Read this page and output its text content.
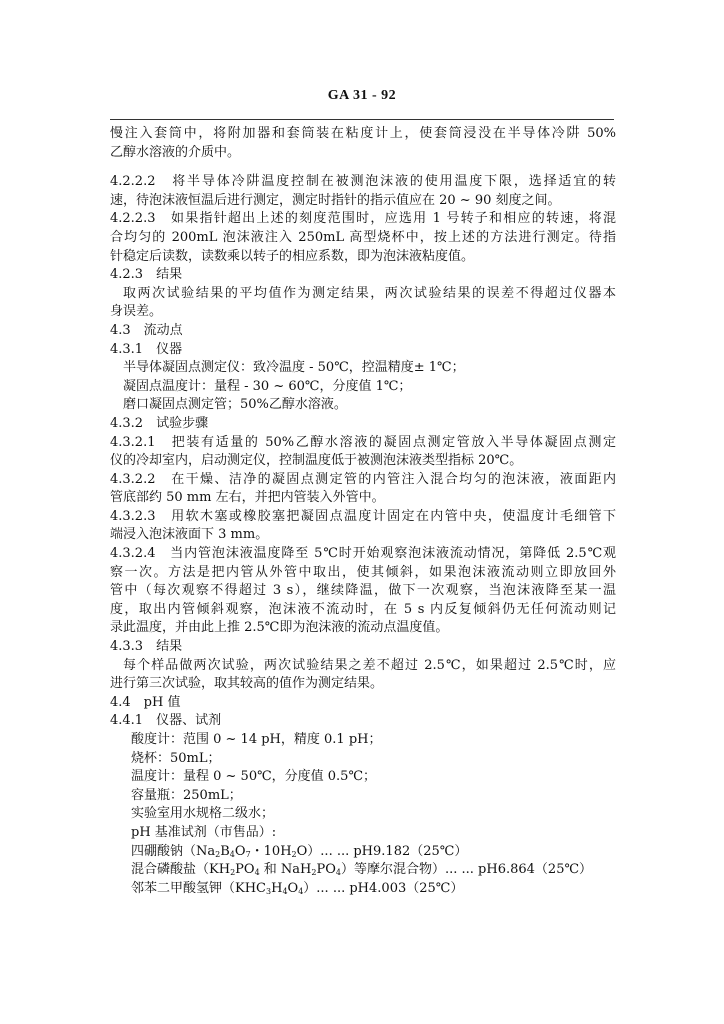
GA 31 - 92
慢注入套筒中，将附加器和套筒装在粘度计上，使套筒浸没在半导体冷阱 50%
乙醇水溶液的介质中。
4.2.2.2　将半导体冷阱温度控制在被测泡沫液的使用温度下限，选择适宜的转
速，待泡沫液恒温后进行测定，测定时指针的指示值应在 20 ~ 90 刻度之间。
4.2.2.3　如果指针超出上述的刻度范围时，应选用 1 号转子和相应的转速，将混
合均匀的 200mL 泡沫液注入 250mL 高型烧杯中，按上述的方法进行测定。待指
针稳定后读数，读数乘以转子的相应系数，即为泡沫液粘度值。
4.2.3　结果
取两次试验结果的平均值作为测定结果，两次试验结果的误差不得超过仪器本
身误差。
4.3　流动点
4.3.1　仪器
半导体凝固点测定仪：致冷温度 - 50℃，控温精度± 1℃；
凝固点温度计：量程 - 30 ~ 60℃，分度值 1℃；
磨口凝固点测定管；50%乙醇水溶液。
4.3.2　试验步骤
4.3.2.1　把装有适量的 50%乙醇水溶液的凝固点测定管放入半导体凝固点测定
仪的冷却室内，启动测定仪，控制温度低于被测泡沫液类型指标 20℃。
4.3.2.2　在干燥、洁净的凝固点测定管的内管注入混合均匀的泡沫液，液面距内
管底部约 50 mm 左右，并把内管装入外管中。
4.3.2.3　用软木塞或橡胶塞把凝固点温度计固定在内管中央，使温度计毛细管下
端浸入泡沫液面下 3 mm。
4.3.2.4　当内管泡沫液温度降至 5℃时开始观察泡沫液流动情况，第降低 2.5℃观
察一次。方法是把内管从外管中取出，使其倾斜，如果泡沫液流动则立即放回外
管中（每次观察不得超过 3 s），继续降温，做下一次观察，当泡沫液降至某一温
度，取出内管倾斜观察，泡沫液不流动时，在 5 s 内反复倾斜仍无任何流动则记
录此温度，并由此上推 2.5℃即为泡沫液的流动点温度值。
4.3.3　结果
每个样品做两次试验，两次试验结果之差不超过 2.5℃，如果超过 2.5℃时，应
进行第三次试验，取其较高的值作为测定结果。
4.4　pH 值
4.4.1　仪器、试剂
酸度计：范围 0 ~ 14 pH，精度 0.1 pH；
烧杯：50mL；
温度计：量程 0 ~ 50℃，分度值 0.5℃；
容量瓶：250mL；
实验室用水规格二级水；
pH 基准试剂（市售品）:
四硼酸钠（$Na_2B_4O_7$・$10H_2O$）... ... pH9.182（25℃）
混合磷酸盐（$KH_2PO_4$ 和 $NaH_2PO_4$）等摩尔混合物）... ... pH6.864（25℃）
邻苯二甲酸氢钾$(KHC_3H_4O_4)$... ... pH4.003（25℃）
